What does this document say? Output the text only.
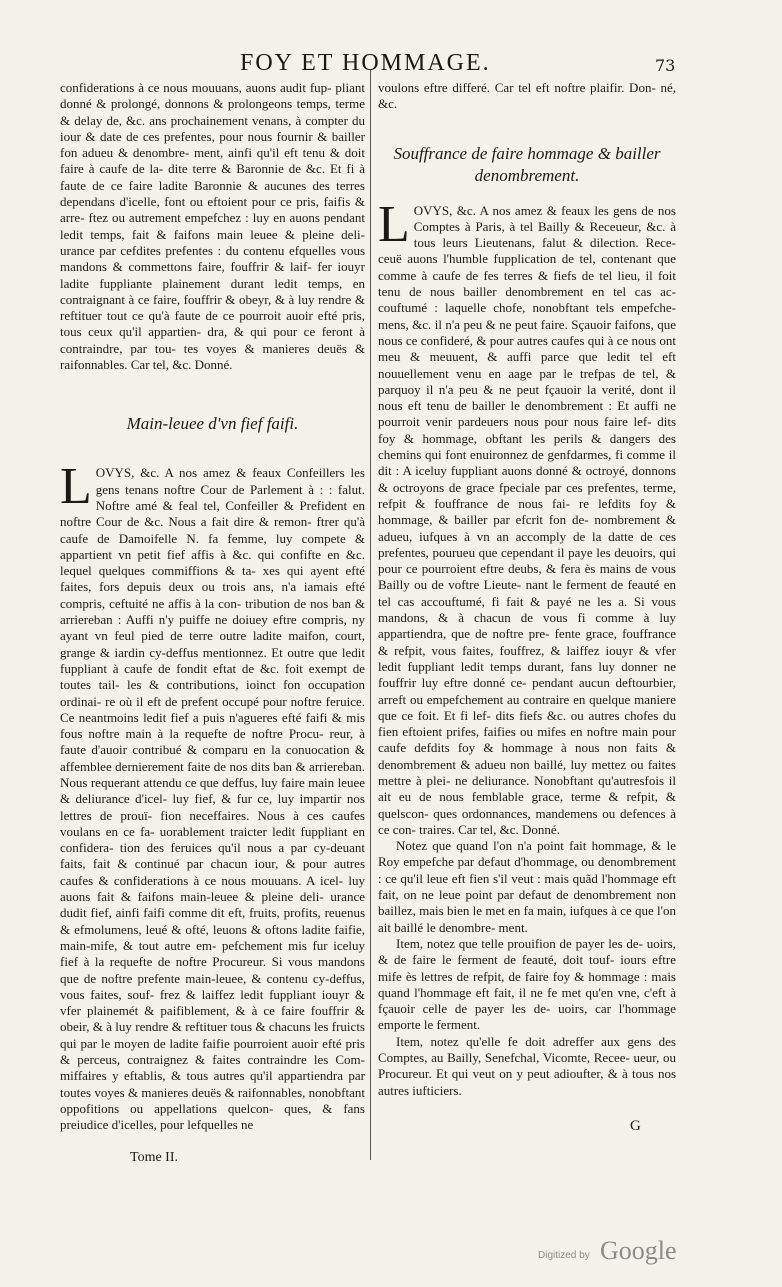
FOY ET HOMMAGE.	73

confiderations à ce nous mouuans, auons audit fup- pliant donné & prolongé, donnons & prolongeons temps, terme & delay de, &c. ans prochainement venans, à compter du iour & date de ces prefentes, pour nous fournir & bailler fon adueu & denombre- ment, ainfi qu'il eft tenu & doit faire à caufe de la- dite terre & Baronnie de &c. Et fi à faute de ce faire ladite Baronnie & aucunes des terres dependans d'icelle, font ou eftoient pour ce pris, faifis & arre- ftez ou autrement empefchez : luy en auons pendant ledit temps, fait & faifons main leuee & pleine deli- urance par cefdites prefentes : du contenu efquelles vous mandons & commettons faire, fouffrir & laif- fer iouyr ladite fuppliante plainement durant ledit temps, en contraignant à ce faire, fouffrir & obeyr, & à luy rendre & reftituer tout ce qu'à faute de ce pourroit auoir efté pris, tous ceux qu'il appartien- dra, & qui pour ce feront à contraindre, par tou- tes voyes & manieres deuës & raifonnables. Car tel, &c. Donné.

Main-leuee d'vn fief faifi.

L OVYS, &c. A nos amez & feaux Confeillers les gens tenans noftre Cour de Parlement à : : falut. Noftre amé & feal tel, Confeiller & Prefident en noftre Cour de &c. Nous a fait dire & remon- ftrer qu'à caufe de Damoifelle N. fa femme, luy compete & appartient vn petit fief affis à &c. qui confifte en &c. lequel quelques commiffions & ta- xes qui ayent efté faites, fors depuis deux ou trois ans, n'a iamais efté compris, ceftuité ne affis à la con- tribution de nos ban & arriereban : Auffi n'y puiffe ne doiuey eftre compris, ny ayant vn feul pied de terre outre ladite maifon, court, grange & iardin cy-deffus mentionnez. Et outre que ledit fuppliant à caufe de fondit eftat de &c. foit exempt de toutes tail- les & contributions, ioinct fon occupation ordinai- re où il eft de prefent occupé pour noftre feruice. Ce neantmoins ledit fief a puis n'agueres efté faifi & mis fous noftre main à la requefte de noftre Procu- reur, à faute d'auoir contribué & comparu en la conuocation & affemblee dernierement faite de nos dits ban & arriereban. Nous requerant attendu ce que deffus, luy faire main leuee & deliurance d'icel- luy fief, & fur ce, luy impartir nos lettres de prouï- fion neceffaires. Nous à ces caufes voulans en ce fa- uorablement traicter ledit fuppliant en confidera- tion des feruices qu'il nous a par cy-deuant faits, fait & continué par chacun iour, & pour autres caufes & confiderations à ce nous mouuans. A icel- luy auons fait & faifons main-leuee & pleine deli- urance dudit fief, ainfi faifi comme dit eft, fruits, profits, reuenus & efmolumens, leué & ofté, leuons & oftons ladite faifie, main-mife, & tout autre em- pefchement mis fur iceluy fief à la requefte de noftre Procureur. Si vous mandons que de noftre prefente main-leuee, & contenu cy-deffus, vous faites, souf- frez & laiffez ledit fuppliant iouyr & vfer plainemét & paifiblement, & à ce faire fouffrir & obeir, & à luy rendre & reftituer tous & chacuns les fruicts qui par le moyen de ladite faifie pourroient auoir efté pris & perceus, contraignez & faites contraindre les Com- miffaires y eftablis, & tous autres qu'il appartiendra par toutes voyes & manieres deuës & raifonnables, nonobftant oppofitions ou appellations quelcon- ques, & fans preiudice d'icelles, pour lefquelles ne

voulons eftre differé. Car tel eft noftre plaifir. Don- né, &c.

Souffrance de faire hommage & bailler denombrement.

L OVYS, &c. A nos amez & feaux les gens de nos Comptes à Paris, à tel Bailly & Receueur, &c. à tous leurs Lieutenans, falut & dilection. Rece- ceuë auons l'humble fupplication de tel, contenant que comme à caufe de fes terres & fiefs de tel lieu, il foit tenu de nous bailler denombrement en tel cas ac- couftumé : laquelle chofe, nonobftant tels empefche- mens, &c. il n'a peu & ne peut faire. Sçauoir faifons, que nous ce confideré, & pour autres caufes qui à ce nous ont meu & meuuent, & auffi parce que ledit tel eft nouuellement venu en aage par le trefpas de tel, & parquoy il n'a peu & ne peut fçauoir la verité, dont il nous eft tenu de bailler le denombrement : Et auffi ne pourroit venir pardeuers nous pour nous faire lef- dits foy & hommage, obftant les perils & dangers des chemins qui font enuironnez de genfdarmes, fi comme il dit : A iceluy fuppliant auons donné & octroyé, donnons & octroyons de grace fpeciale par ces prefentes, terme, refpit & fouffrance de nous fai- re lefdits foy & hommage, & bailler par efcrit fon de- nombrement & adueu, iufques à vn an accomply de la datte de ces prefentes, pourueu que cependant il paye les deuoirs, qui pour ce pourroient eftre deubs, & fera ès mains de vous Bailly ou de voftre Lieute- nant le ferment de feauté en tel cas accouftumé, fi fait & payé ne les a. Si vous mandons, & à chacun de vous fi comme à luy appartiendra, que de noftre pre- fente grace, fouffrance & refpit, vous faites, fouffrez, & laiffez iouyr & vfer ledit fuppliant ledit temps durant, fans luy donner ne fouffrir luy eftre donné ce- pendant aucun deftourbier, arreft ou empefchement au contraire en quelque maniere que ce foit. Et fi lef- dits fiefs &c. ou autres chofes du fien eftoient prifes, faifies ou mifes en noftre main pour caufe defdits foy & hommage à nous non faits & denombrement & adueu non baillé, luy mettez ou faites mettre à plei- ne deliurance. Nonobftant qu'autresfois il ait eu de nous femblable grace, terme & refpit, & quelscon- ques ordonnances, mandemens ou defences à ce con- traires. Car tel, &c. Donné.

Notez que quand l'on n'a point fait hommage, & le Roy empefche par defaut d'hommage, ou denombrement : ce qu'il leue eft fien s'il veut : mais quãd l'hommage eft fait, on ne leue point par defaut de denombrement non baillez, mais bien le met en fa main, iufques à ce que l'on ait baillé le denombre- ment.

Item, notez que telle prouifion de payer les de- uoirs, & de faire le ferment de feauté, doit touf- iours eftre mife ès lettres de refpit, de faire foy & hommage : mais quand l'hommage eft fait, il ne fe met qu'en vne, c'eft à fçauoir celle de payer les de- uoirs, car l'hommage emporte le ferment.

Item, notez qu'elle fe doit adreffer aux gens des Comptes, au Bailly, Senefchal, Vicomte, Recee- ueur, ou Procureur. Et qui veut on y peut adioufter, & à tous nos autres iufticiers.

Tome II.
G
Digitized by Google
